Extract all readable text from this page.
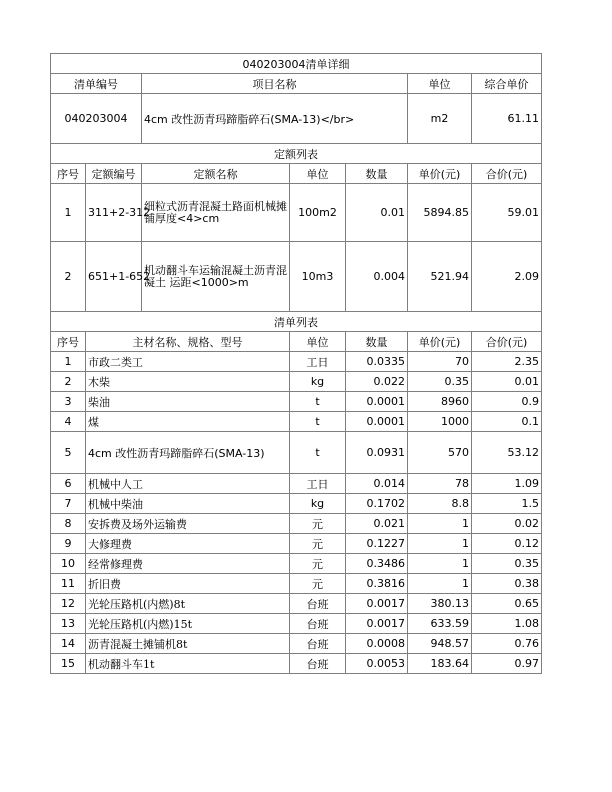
040203004清单详细						
清单编号		项目名称			单位	综合单价
040203004		4cm 改性沥青玛蹄脂碎石(SMA-13)</br>			m2	61.11
定额列表						
序号	定额编号	定额名称	单位	数量	单价(元)	合价(元)
1	311+2-312	细粒式沥青混凝土路面机械摊铺厚度<4>cm	100m2	0.01	5894.85	59.01
2	651+1-652	机动翻斗车运输混凝土沥青混凝土 运距<1000>m	10m3	0.004	521.94	2.09
清单列表						
序号	主材名称、规格、型号		单位	数量	单价(元)	合价(元)
1	市政二类工		工日	0.0335	70	2.35
2	木柴		kg	0.022	0.35	0.01
3	柴油		t	0.0001	8960	0.9
4	煤		t	0.0001	1000	0.1
5	4cm 改性沥青玛蹄脂碎石(SMA-13)		t	0.0931	570	53.12
6	机械中人工		工日	0.014	78	1.09
7	机械中柴油		kg	0.1702	8.8	1.5
8	安拆费及场外运输费		元	0.021	1	0.02
9	大修理费		元	0.1227	1	0.12
10	经常修理费		元	0.3486	1	0.35
11	折旧费		元	0.3816	1	0.38
12	光轮压路机(内燃)8t		台班	0.0017	380.13	0.65
13	光轮压路机(内燃)15t		台班	0.0017	633.59	1.08
14	沥青混凝土摊铺机8t		台班	0.0008	948.57	0.76
15	机动翻斗车1t		台班	0.0053	183.64	0.97
